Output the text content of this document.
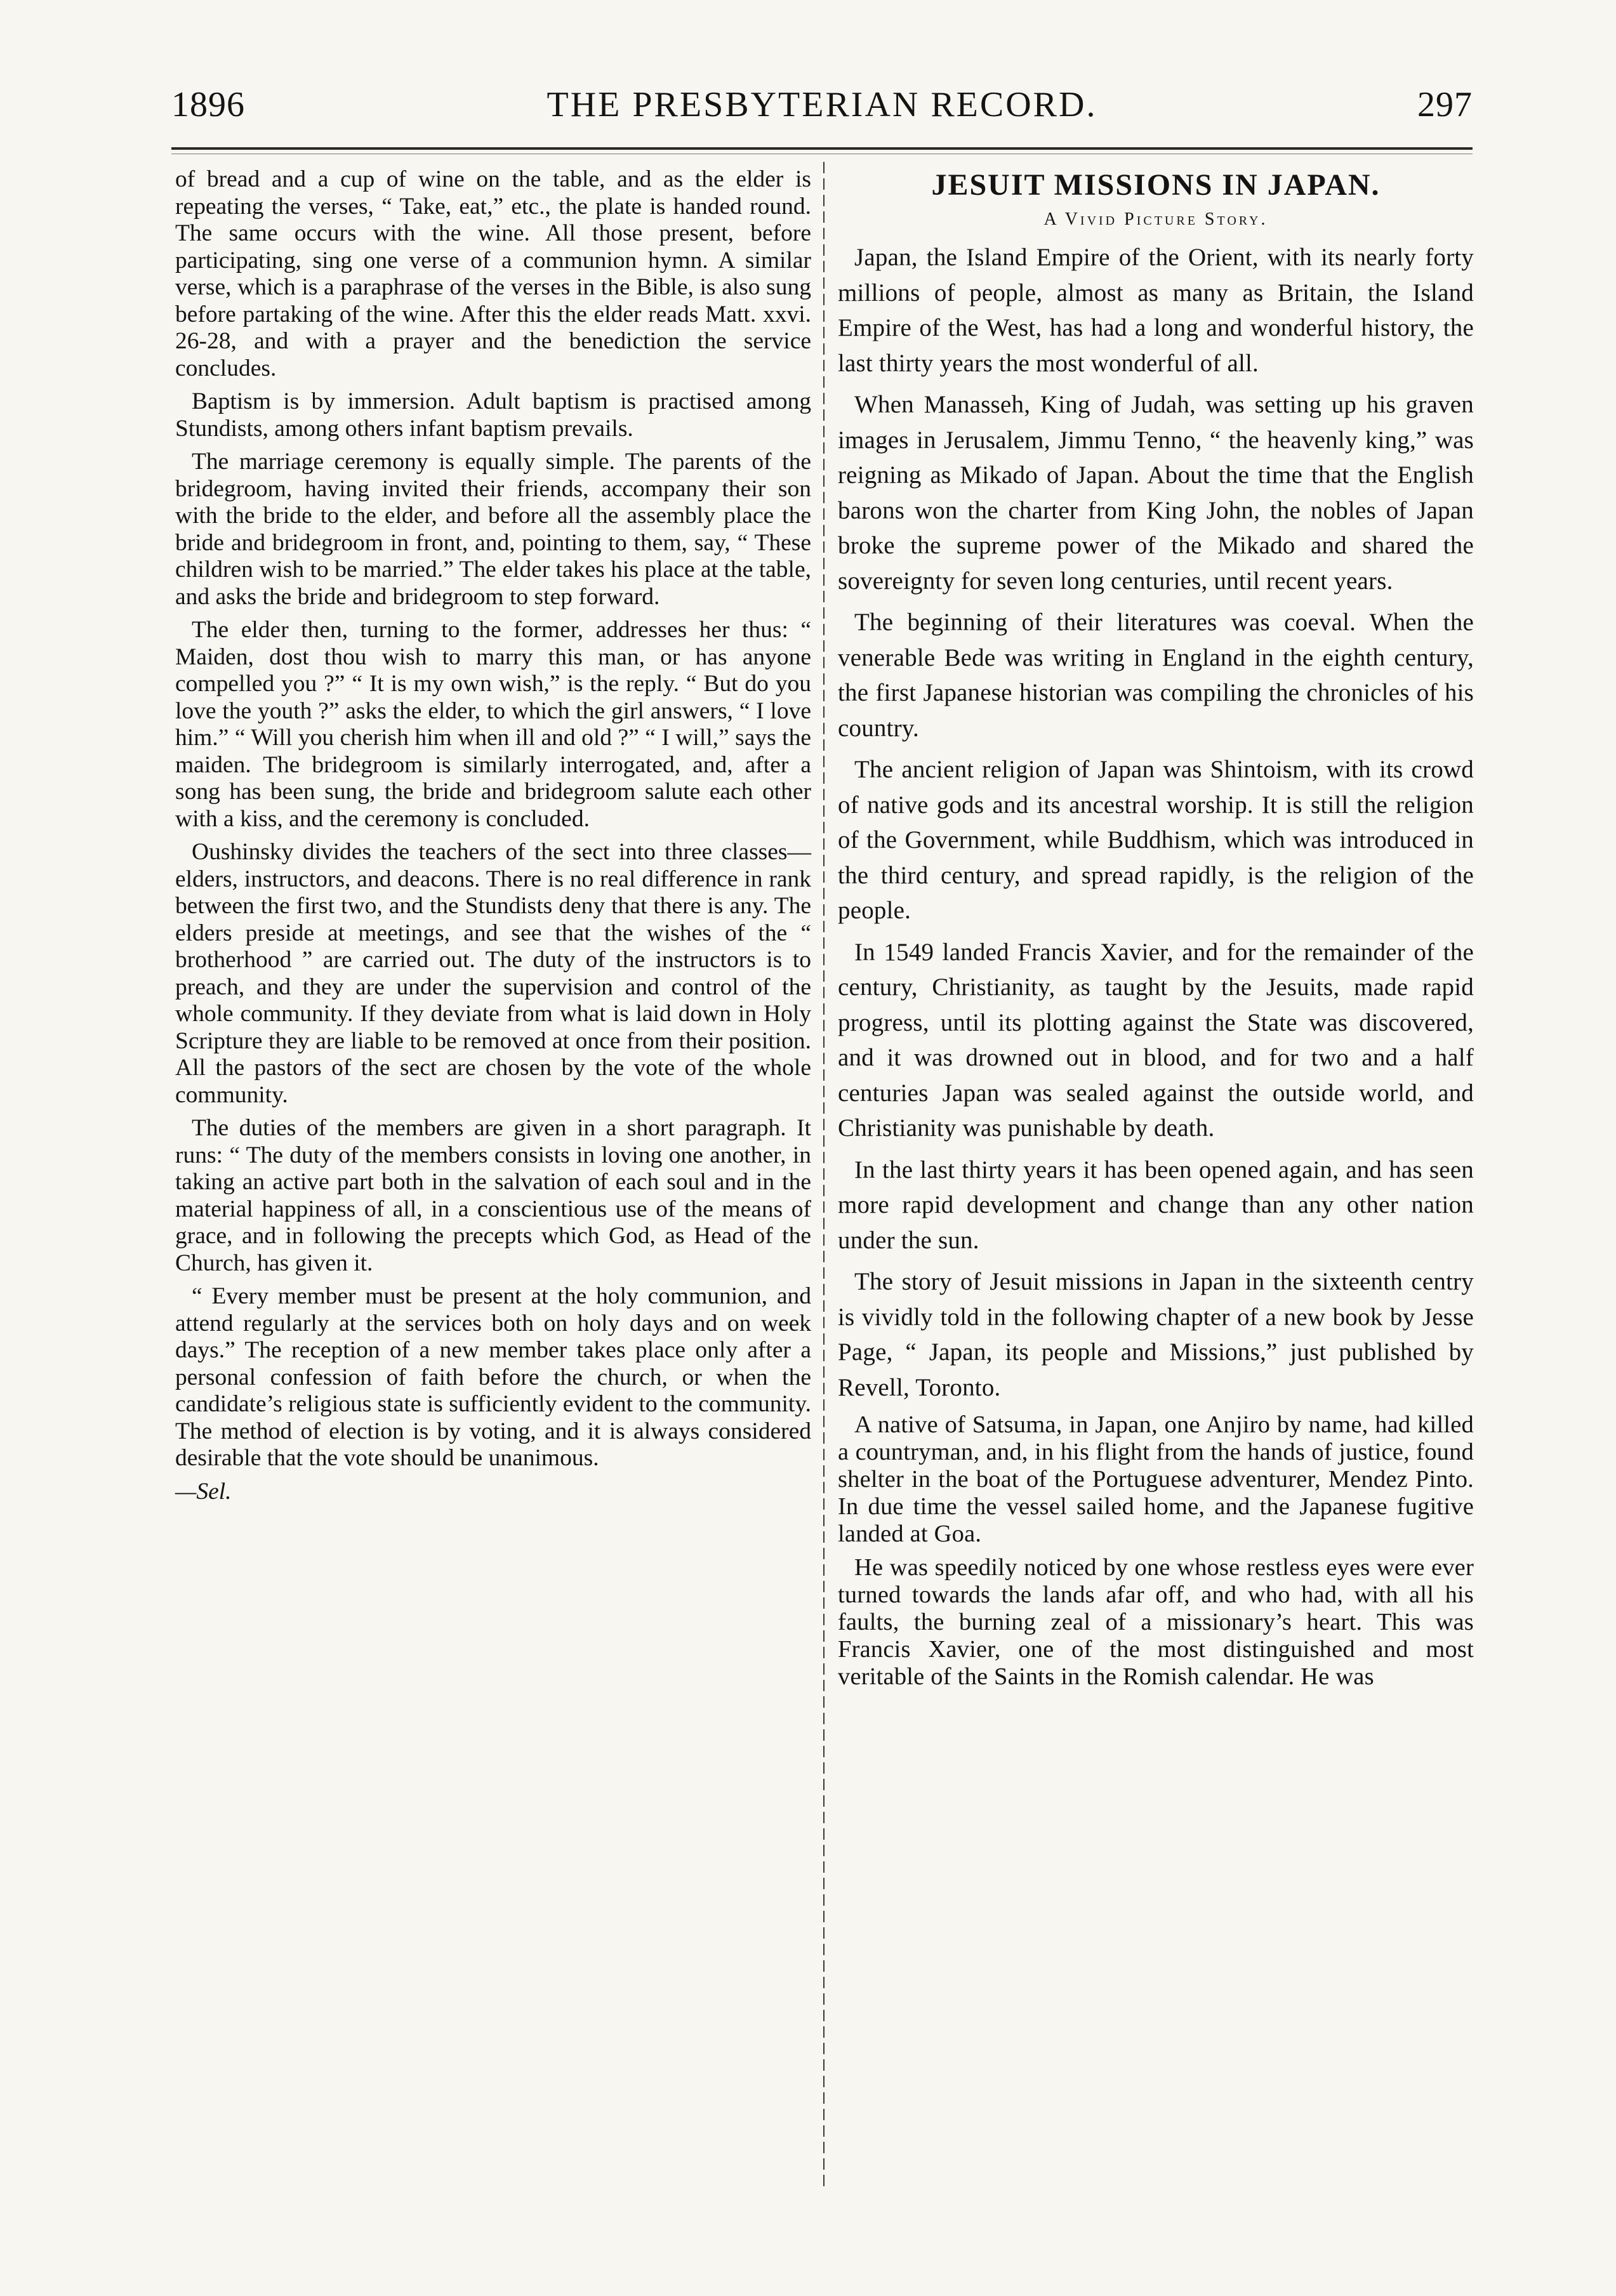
1896	THE PRESBYTERIAN RECORD.	297

of bread and a cup of wine on the table, and as the elder is repeating the verses, “ Take, eat,” etc., the plate is handed round. The same occurs with the wine. All those present, before participating, sing one verse of a communion hymn. A similar verse, which is a paraphrase of the verses in the Bible, is also sung before partaking of the wine. After this the elder reads Matt. xxvi. 26-28, and with a prayer and the benediction the service concludes.

Baptism is by immersion. Adult baptism is practised among Stundists, among others infant baptism prevails.

The marriage ceremony is equally simple. The parents of the bridegroom, having invited their friends, accompany their son with the bride to the elder, and before all the assembly place the bride and bridegroom in front, and, pointing to them, say, “ These children wish to be married.” The elder takes his place at the table, and asks the bride and bridegroom to step forward.

The elder then, turning to the former, addresses her thus: “ Maiden, dost thou wish to marry this man, or has anyone compelled you ?” “ It is my own wish,” is the reply. “ But do you love the youth ?” asks the elder, to which the girl answers, “ I love him.” “ Will you cherish him when ill and old ?” “ I will,” says the maiden. The bridegroom is similarly interrogated, and, after a song has been sung, the bride and bridegroom salute each other with a kiss, and the ceremony is concluded.

Oushinsky divides the teachers of the sect into three classes—elders, instructors, and deacons. There is no real difference in rank between the first two, and the Stundists deny that there is any. The elders preside at meetings, and see that the wishes of the “ brotherhood ” are carried out. The duty of the instructors is to preach, and they are under the supervision and control of the whole community. If they deviate from what is laid down in Holy Scripture they are liable to be removed at once from their position. All the pastors of the sect are chosen by the vote of the whole community.

The duties of the members are given in a short paragraph. It runs: “ The duty of the members consists in loving one another, in taking an active part both in the salvation of each soul and in the material happiness of all, in a conscientious use of the means of grace, and in following the precepts which God, as Head of the Church, has given it.

“ Every member must be present at the holy communion, and attend regularly at the services both on holy days and on week days.” The reception of a new member takes place only after a personal confession of faith before the church, or when the candidate’s religious state is sufficiently evident to the community. The method of election is by voting, and it is always considered desirable that the vote should be unanimous.

—Sel.

JESUIT MISSIONS IN JAPAN.
A Vivid Picture Story.

Japan, the Island Empire of the Orient, with its nearly forty millions of people, almost as many as Britain, the Island Empire of the West, has had a long and wonderful history, the last thirty years the most wonderful of all.

When Manasseh, King of Judah, was setting up his graven images in Jerusalem, Jimmu Tenno, “ the heavenly king,” was reigning as Mikado of Japan. About the time that the English barons won the charter from King John, the nobles of Japan broke the supreme power of the Mikado and shared the sovereignty for seven long centuries, until recent years.

The beginning of their literatures was coeval. When the venerable Bede was writing in England in the eighth century, the first Japanese historian was compiling the chronicles of his country.

The ancient religion of Japan was Shintoism, with its crowd of native gods and its ancestral worship. It is still the religion of the Government, while Buddhism, which was introduced in the third century, and spread rapidly, is the religion of the people.

In 1549 landed Francis Xavier, and for the remainder of the century, Christianity, as taught by the Jesuits, made rapid progress, until its plotting against the State was discovered, and it was drowned out in blood, and for two and a half centuries Japan was sealed against the outside world, and Christianity was punishable by death.

In the last thirty years it has been opened again, and has seen more rapid development and change than any other nation under the sun.

The story of Jesuit missions in Japan in the sixteenth centry is vividly told in the following chapter of a new book by Jesse Page, “ Japan, its people and Missions,” just published by Revell, Toronto.

A native of Satsuma, in Japan, one Anjiro by name, had killed a countryman, and, in his flight from the hands of justice, found shelter in the boat of the Portuguese adventurer, Mendez Pinto. In due time the vessel sailed home, and the Japanese fugitive landed at Goa.

He was speedily noticed by one whose restless eyes were ever turned towards the lands afar off, and who had, with all his faults, the burning zeal of a missionary’s heart. This was Francis Xavier, one of the most distinguished and most veritable of the Saints in the Romish calendar. He was
